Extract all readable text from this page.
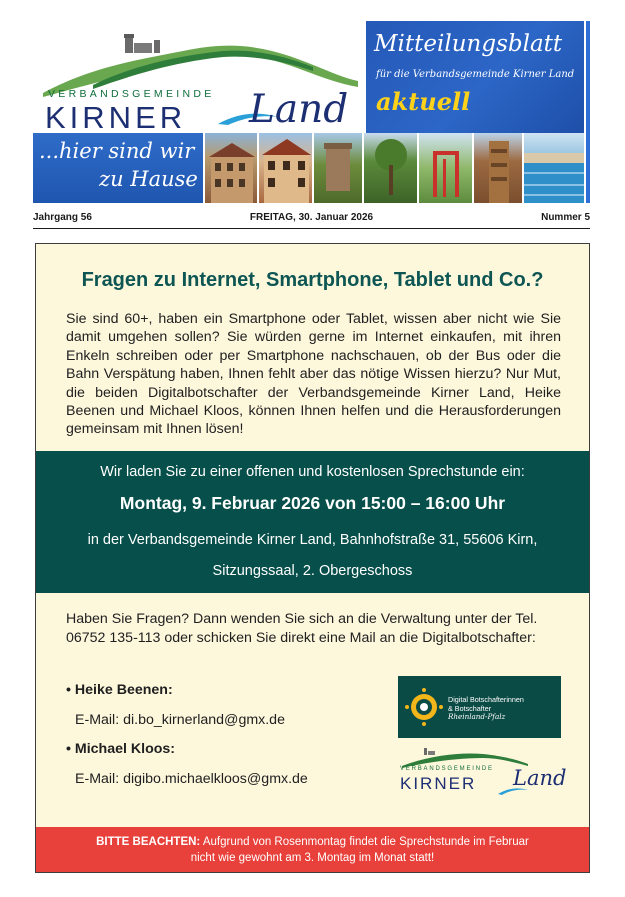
VERBANDSGEMEINDE
KIRNER Land
Mitteilungsblatt
für die Verbandsgemeinde Kirner Land
aktuell
...hier sind wir
zu Hause
Jahrgang 56	FREITAG, 30. Januar 2026	Nummer 5
Fragen zu Internet, Smartphone, Tablet und Co.?
Sie sind 60+, haben ein Smartphone oder Tablet, wissen aber nicht wie Sie damit umgehen sollen? Sie würden gerne im Internet einkaufen, mit ihren Enkeln schreiben oder per Smartphone nachschauen, ob der Bus oder die Bahn Verspätung haben, Ihnen fehlt aber das nötige Wissen hierzu? Nur Mut, die beiden Digitalbotschafter der Verbandsgemeinde Kirner Land, Heike Beenen und Michael Kloos, können Ihnen helfen und die Herausforderungen gemeinsam mit Ihnen lösen!
Wir laden Sie zu einer offenen und kostenlosen Sprechstunde ein:
Montag, 9. Februar 2026 von 15:00 – 16:00 Uhr
in der Verbandsgemeinde Kirner Land, Bahnhofstraße 31, 55606 Kirn,
Sitzungssaal, 2. Obergeschoss
Haben Sie Fragen? Dann wenden Sie sich an die Verwaltung unter der Tel. 06752 135-113 oder schicken Sie direkt eine Mail an die Digitalbotschafter:
• Heike Beenen:
E-Mail: di.bo_kirnerland@gmx.de
• Michael Kloos:
E-Mail: digibo.michaelkloos@gmx.de
Digital Botschafterinnen
& Botschafter
Rheinland-Pfalz
VERBANDSGEMEINDE
KIRNER Land
BITTE BEACHTEN: Aufgrund von Rosenmontag findet die Sprechstunde im Februar
nicht wie gewohnt am 3. Montag im Monat statt!
